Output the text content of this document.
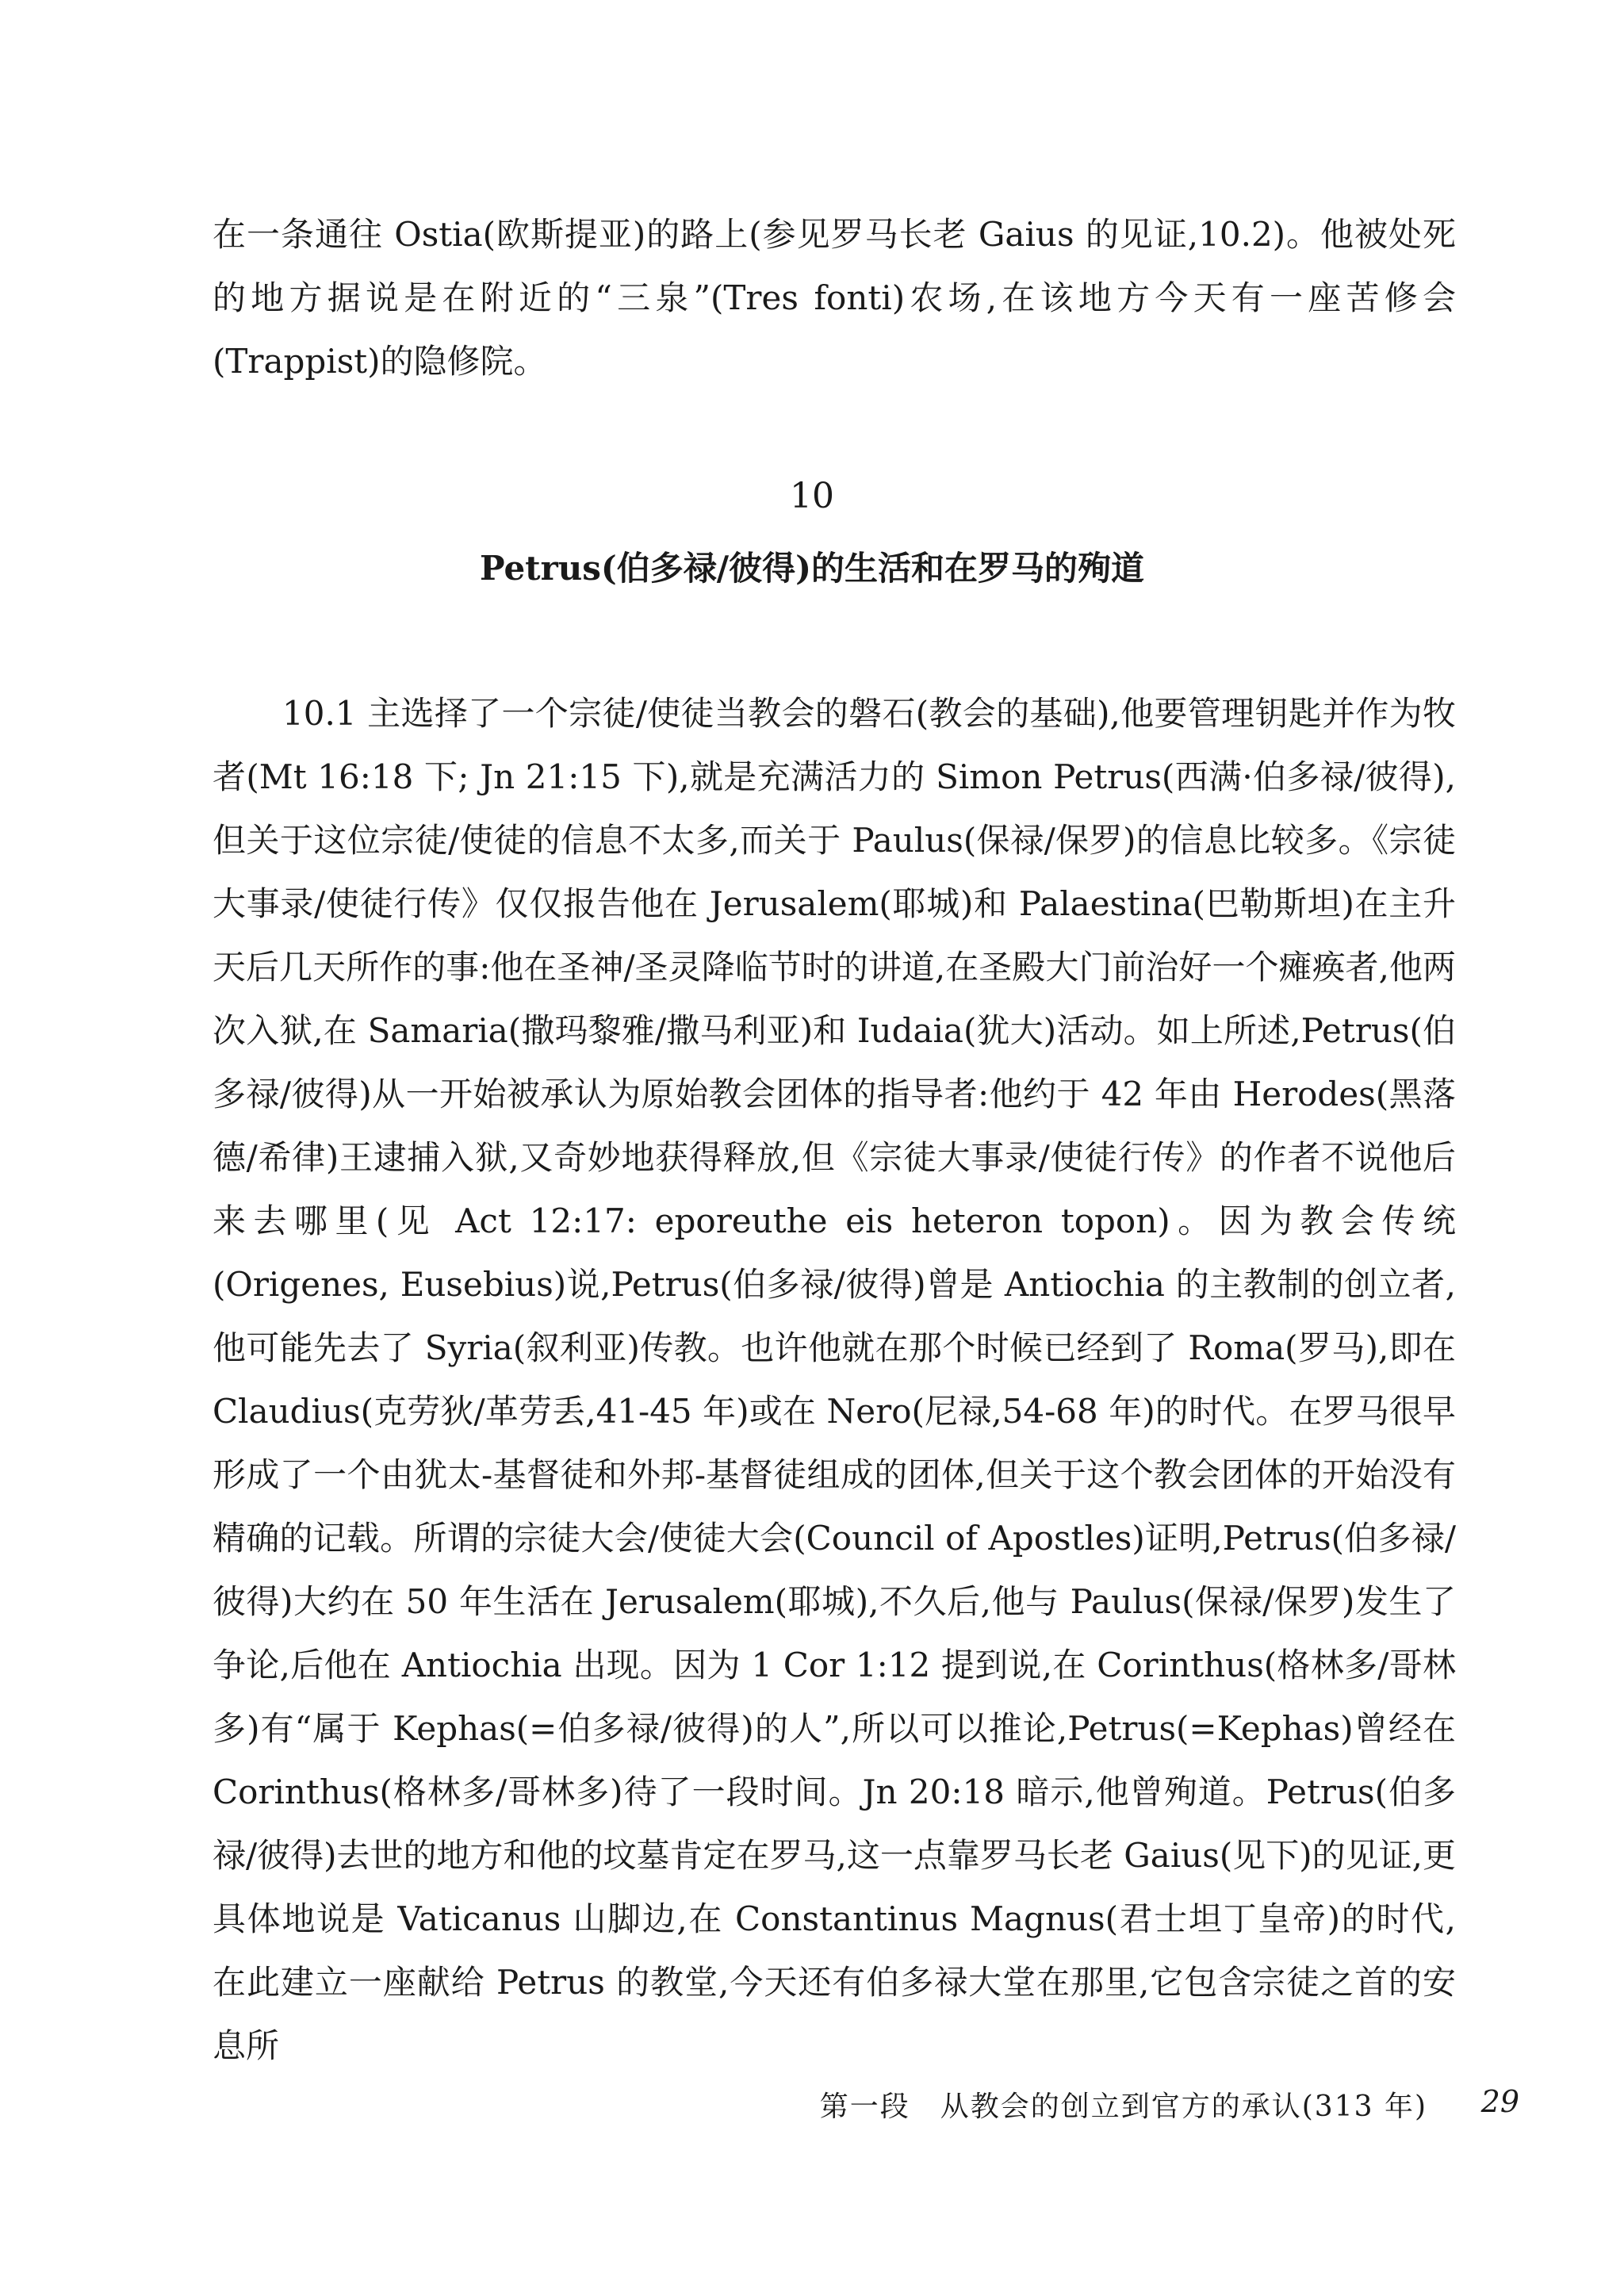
在一条通往 Ostia(欧斯提亚)的路上(参见罗马长老 Gaius 的见证,10.2)。他被处死的地方据说是在附近的“三泉”(Tres fonti)农场,在该地方今天有一座苦修会(Trappist)的隐修院。

10
Petrus(伯多禄/彼得)的生活和在罗马的殉道

10.1 主选择了一个宗徒/使徒当教会的磐石(教会的基础),他要管理钥匙并作为牧者(Mt 16:18 下; Jn 21:15 下),就是充满活力的 Simon Petrus(西满·伯多禄/彼得),但关于这位宗徒/使徒的信息不太多,而关于 Paulus(保禄/保罗)的信息比较多。《宗徒大事录/使徒行传》仅仅报告他在 Jerusalem(耶城)和 Palaestina(巴勒斯坦)在主升天后几天所作的事:他在圣神/圣灵降临节时的讲道,在圣殿大门前治好一个瘫痪者,他两次入狱,在 Samaria(撒玛黎雅/撒马利亚)和 Iudaia(犹大)活动。如上所述,Petrus(伯多禄/彼得)从一开始被承认为原始教会团体的指导者:他约于 42 年由 Herodes(黑落德/希律)王逮捕入狱,又奇妙地获得释放,但《宗徒大事录/使徒行传》的作者不说他后来去哪里(见 Act 12:17: eporeuthe eis heteron topon)。因为教会传统(Origenes, Eusebius)说,Petrus(伯多禄/彼得)曾是 Antiochia 的主教制的创立者,他可能先去了 Syria(叙利亚)传教。也许他就在那个时候已经到了 Roma(罗马),即在 Claudius(克劳狄/革劳丢,41-45 年)或在 Nero(尼禄,54-68 年)的时代。在罗马很早形成了一个由犹太-基督徒和外邦-基督徒组成的团体,但关于这个教会团体的开始没有精确的记载。所谓的宗徒大会/使徒大会(Council of Apostles)证明,Petrus(伯多禄/彼得)大约在 50 年生活在 Jerusalem(耶城),不久后,他与 Paulus(保禄/保罗)发生了争论,后他在 Antiochia 出现。因为 1 Cor 1:12 提到说,在 Corinthus(格林多/哥林多)有“属于 Kephas(=伯多禄/彼得)的人”,所以可以推论,Petrus(=Kephas)曾经在 Corinthus(格林多/哥林多)待了一段时间。Jn 20:18 暗示,他曾殉道。Petrus(伯多禄/彼得)去世的地方和他的坟墓肯定在罗马,这一点靠罗马长老 Gaius(见下)的见证,更具体地说是 Vaticanus 山脚边,在 Constantinus Magnus(君士坦丁皇帝)的时代,在此建立一座献给 Petrus 的教堂,今天还有伯多禄大堂在那里,它包含宗徒之首的安息所

第一段　从教会的创立到官方的承认(313 年) 29
